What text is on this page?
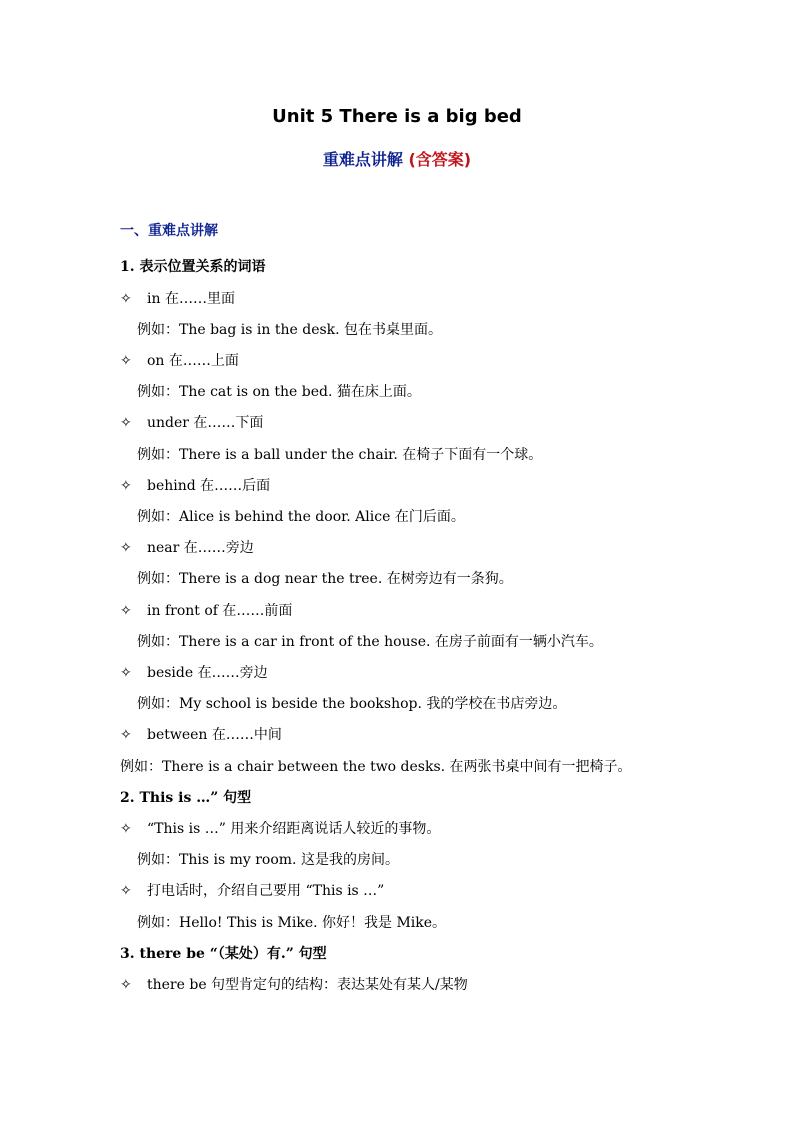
Unit 5 There is a big bed
重难点讲解 (含答案)
一、重难点讲解
1. 表示位置关系的词语
✧ in 在……里面
例如：The bag is in the desk. 包在书桌里面。
✧ on 在……上面
例如：The cat is on the bed. 猫在床上面。
✧ under 在……下面
例如：There is a ball under the chair. 在椅子下面有一个球。
✧ behind 在……后面
例如：Alice is behind the door. Alice 在门后面。
✧ near 在……旁边
例如：There is a dog near the tree. 在树旁边有一条狗。
✧ in front of 在……前面
例如：There is a car in front of the house. 在房子前面有一辆小汽车。
✧ beside 在……旁边
例如：My school is beside the bookshop. 我的学校在书店旁边。
✧ between 在……中间
例如：There is a chair between the two desks. 在两张书桌中间有一把椅子。
2. This is …” 句型
✧ “This is …” 用来介绍距离说话人较近的事物。
例如：This is my room. 这是我的房间。
✧ 打电话时，介绍自己要用 “This is …”
例如：Hello! This is Mike. 你好！我是 Mike。
3. there be “（某处）有.” 句型
✧ there be 句型肯定句的结构：表达某处有某人/某物
